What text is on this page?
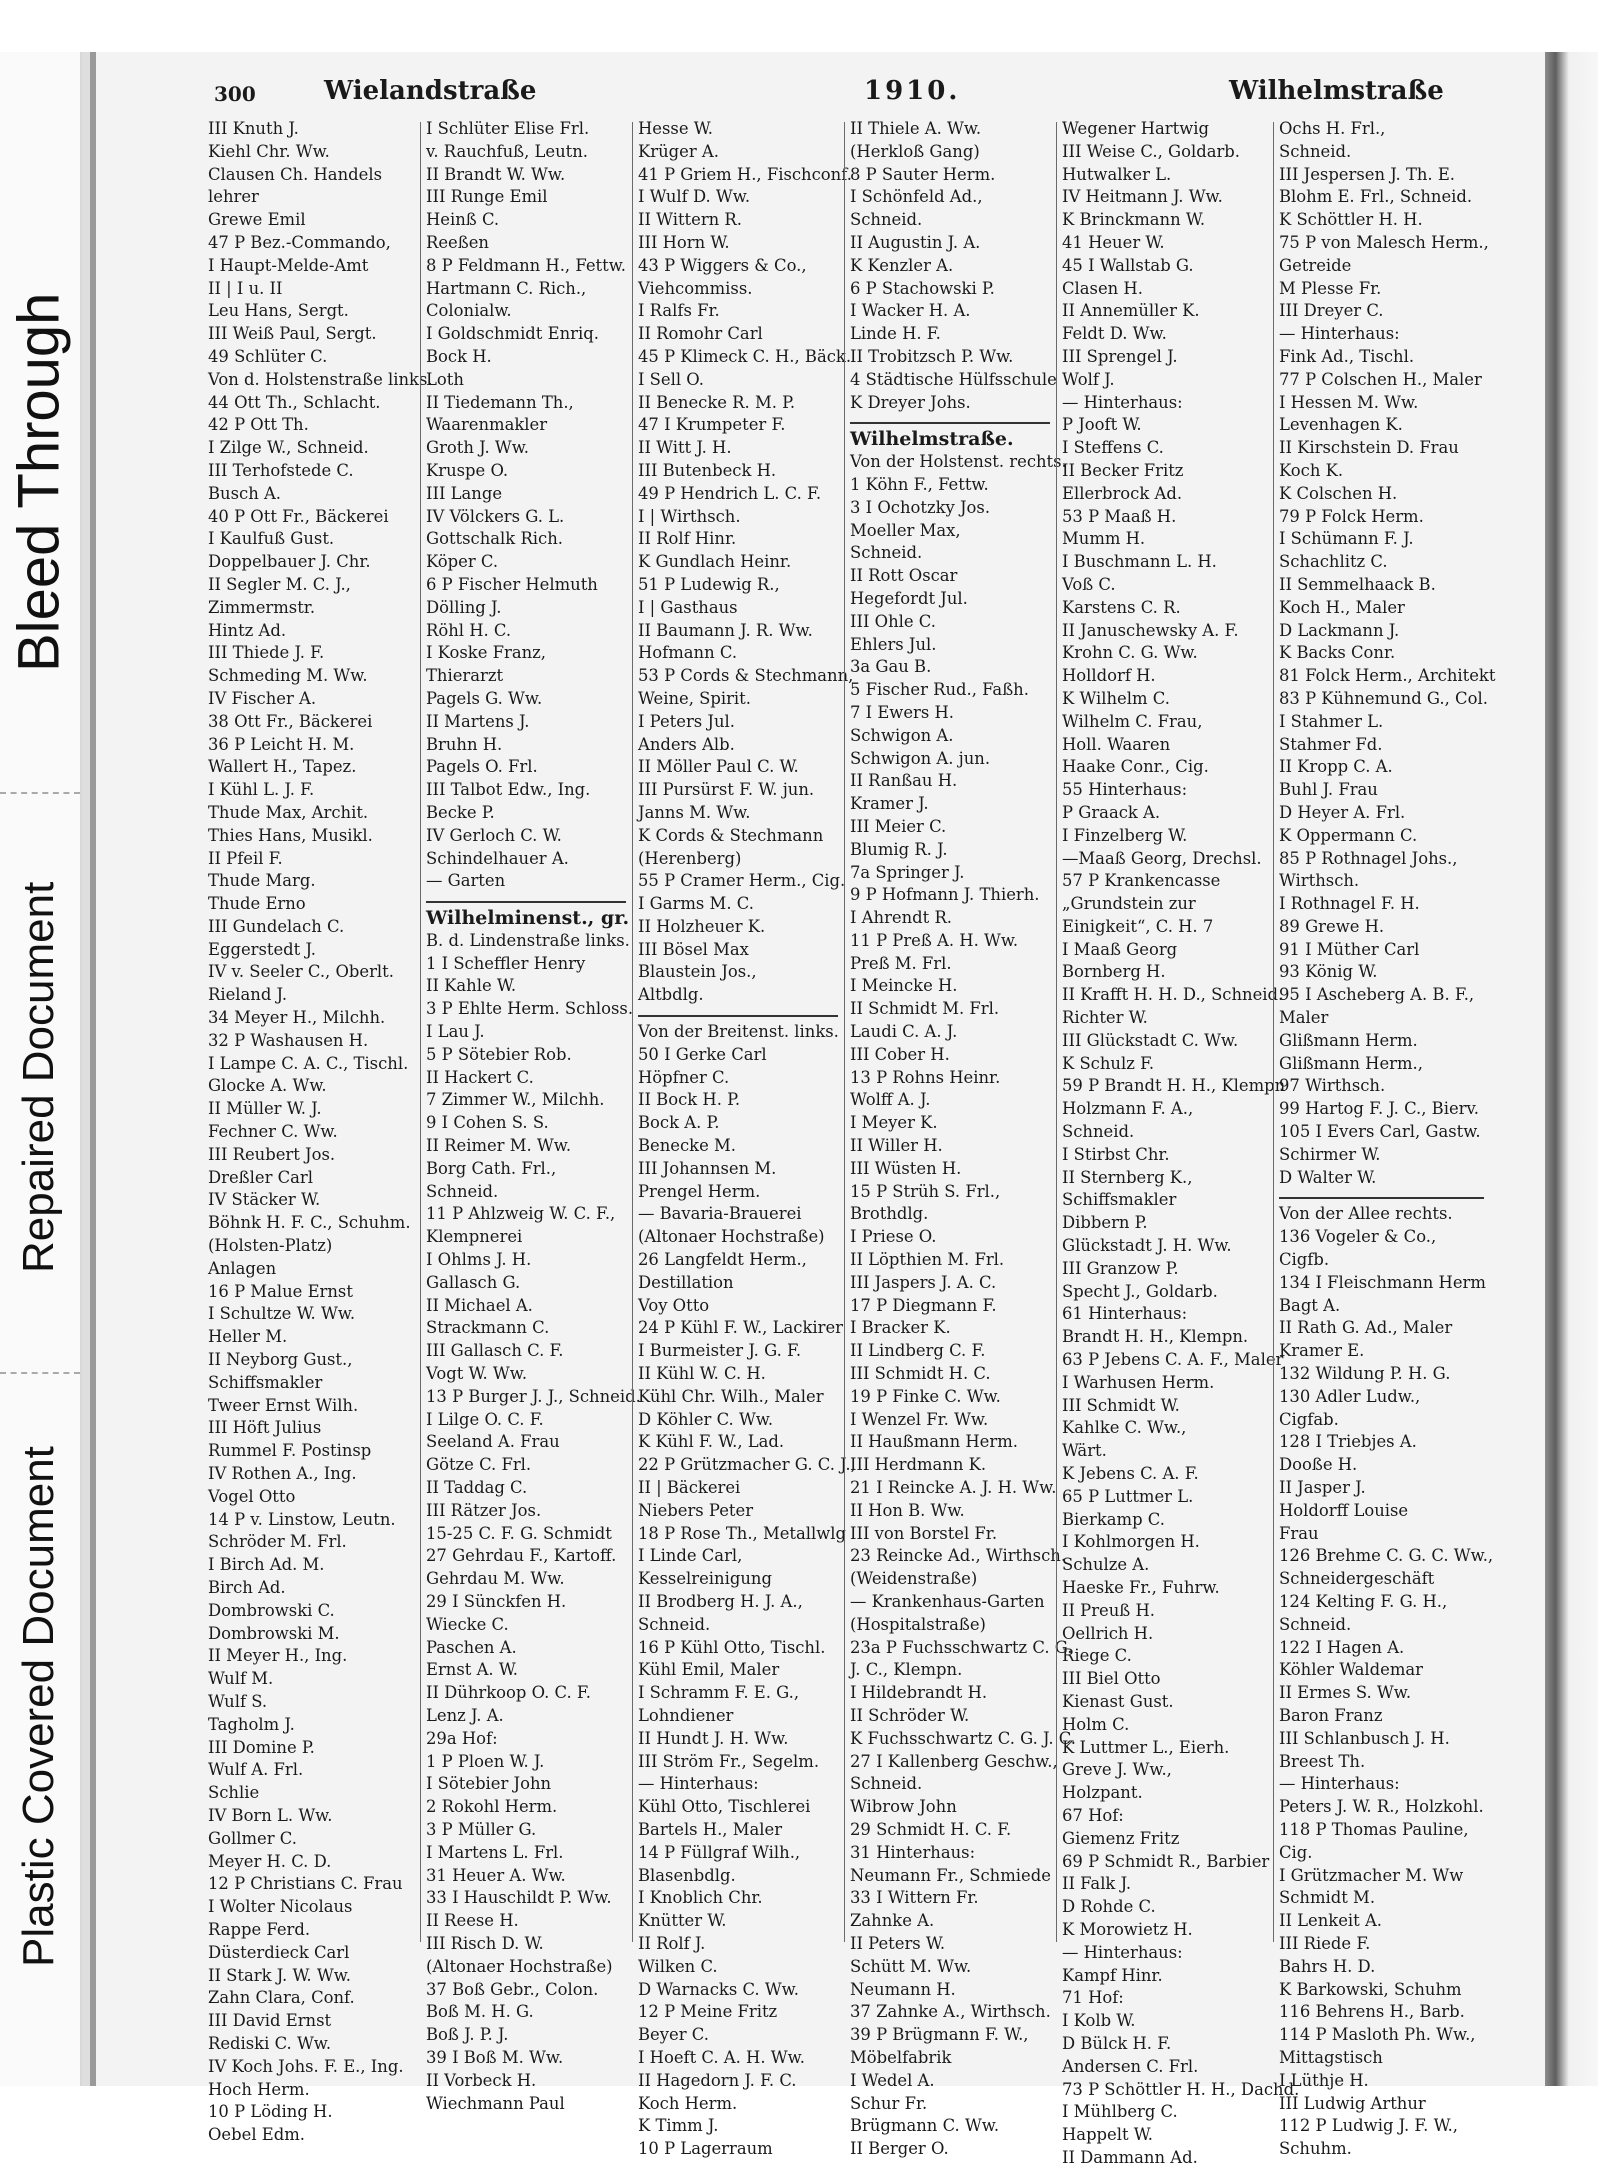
Bleed Through
Repaired Document
Plastic Covered Document
300	Wielandstraße	1910.	Wilhelmstraße
III Knuth J.
Kiehl Chr. Ww.
Clausen Ch. Handels
lehrer
Grewe Emil
47 P Bez.-Commando,
I Haupt-Melde-Amt
II | I u. II
Leu Hans, Sergt.
III Weiß Paul, Sergt.
49 Schlüter C.
Von d. Holstenstraße links.
44 Ott Th., Schlacht.
42 P Ott Th.
I Zilge W., Schneid.
III Terhofstede C.
Busch A.
40 P Ott Fr., Bäckerei
I Kaulfuß Gust.
Doppelbauer J. Chr.
II Segler M. C. J.,
Zimmermstr.
Hintz Ad.
III Thiede J. F.
Schmeding M. Ww.
IV Fischer A.
38 Ott Fr., Bäckerei
36 P Leicht H. M.
Wallert H., Tapez.
I Kühl L. J. F.
Thude Max, Archit.
Thies Hans, Musikl.
II Pfeil F.
Thude Marg.
Thude Erno
III Gundelach C.
Eggerstedt J.
IV v. Seeler C., Oberlt.
Rieland J.
34 Meyer H., Milchh.
32 P Washausen H.
I Lampe C. A. C., Tischl.
Glocke A. Ww.
II Müller W. J.
Fechner C. Ww.
III Reubert Jos.
Dreßler Carl
IV Stäcker W.
Böhnk H. F. C., Schuhm.
(Holsten-Platz)
Anlagen
16 P Malue Ernst
I Schultze W. Ww.
Heller M.
II Neyborg Gust.,
Schiffsmakler
Tweer Ernst Wilh.
III Höft Julius
Rummel F. Postinsp
IV Rothen A., Ing.
Vogel Otto
14 P v. Linstow, Leutn.
Schröder M. Frl.
I Birch Ad. M.
Birch Ad.
Dombrowski C.
Dombrowski M.
II Meyer H., Ing.
Wulf M.
Wulf S.
Tagholm J.
III Domine P.
Wulf A. Frl.
Schlie
IV Born L. Ww.
Gollmer C.
Meyer H. C. D.
12 P Christians C. Frau
I Wolter Nicolaus
Rappe Ferd.
Düsterdieck Carl
II Stark J. W. Ww.
Zahn Clara, Conf.
III David Ernst
Rediski C. Ww.
IV Koch Johs. F. E., Ing.
Hoch Herm.
10 P Löding H.
Oebel Edm.
I Schlüter Elise Frl.
v. Rauchfuß, Leutn.
II Brandt W. Ww.
III Runge Emil
Heinß C.
Reeßen
8 P Feldmann H., Fettw.
Hartmann C. Rich.,
Colonialw.
I Goldschmidt Enriq.
Bock H.
Loth
II Tiedemann Th.,
Waarenmakler
Groth J. Ww.
Kruspe O.
III Lange
IV Völckers G. L.
Gottschalk Rich.
Köper C.
6 P Fischer Helmuth
Dölling J.
Röhl H. C.
I Koske Franz,
Thierarzt
Pagels G. Ww.
II Martens J.
Bruhn H.
Pagels O. Frl.
III Talbot Edw., Ing.
Becke P.
IV Gerloch C. W.
Schindelhauer A.
— Garten
Wilhelminenst., gr.
B. d. Lindenstraße links.
1 I Scheffler Henry
II Kahle W.
3 P Ehlte Herm. Schloss.
I Lau J.
5 P Sötebier Rob.
II Hackert C.
7 Zimmer W., Milchh.
9 I Cohen S. S.
II Reimer M. Ww.
Borg Cath. Frl.,
Schneid.
11 P Ahlzweig W. C. F.,
Klempnerei
I Ohlms J. H.
Gallasch G.
II Michael A.
Strackmann C.
III Gallasch C. F.
Vogt W. Ww.
13 P Burger J. J., Schneid.
I Lilge O. C. F.
Seeland A. Frau
Götze C. Frl.
II Taddag C.
III Rätzer Jos.
15-25 C. F. G. Schmidt
27 Gehrdau F., Kartoff.
Gehrdau M. Ww.
29 I Sünckfen H.
Wiecke C.
Paschen A.
Ernst A. W.
II Dührkoop O. C. F.
Lenz J. A.
29a Hof:
1 P Ploen W. J.
I Sötebier John
2 Rokohl Herm.
3 P Müller G.
I Martens L. Frl.
31 Heuer A. Ww.
33 I Hauschildt P. Ww.
II Reese H.
III Risch D. W.
(Altonaer Hochstraße)
37 Boß Gebr., Colon.
Boß M. H. G.
Boß J. P. J.
39 I Boß M. Ww.
II Vorbeck H.
Wiechmann Paul
Hesse W.
Krüger A.
41 P Griem H., Fischconf.
I Wulf D. Ww.
II Wittern R.
III Horn W.
43 P Wiggers & Co.,
Viehcommiss.
I Ralfs Fr.
II Romohr Carl
45 P Klimeck C. H., Bäck.
I Sell O.
II Benecke R. M. P.
47 I Krumpeter F.
II Witt J. H.
III Butenbeck H.
49 P Hendrich L. C. F.
I | Wirthsch.
II Rolf Hinr.
K Gundlach Heinr.
51 P Ludewig R.,
I | Gasthaus
II Baumann J. R. Ww.
Hofmann C.
53 P Cords & Stechmann,
Weine, Spirit.
I Peters Jul.
Anders Alb.
II Möller Paul C. W.
III Pursürst F. W. jun.
Janns M. Ww.
K Cords & Stechmann
(Herenberg)
55 P Cramer Herm., Cig.
I Garms M. C.
II Holzheuer K.
III Bösel Max
Blaustein Jos.,
Altbdlg.
Von der Breitenst. links.
50 I Gerke Carl
Höpfner C.
II Bock H. P.
Bock A. P.
Benecke M.
III Johannsen M.
Prengel Herm.
— Bavaria-Brauerei
(Altonaer Hochstraße)
26 Langfeldt Herm.,
Destillation
Voy Otto
24 P Kühl F. W., Lackirer
I Burmeister J. G. F.
II Kühl W. C. H.
Kühl Chr. Wilh., Maler
D Köhler C. Ww.
K Kühl F. W., Lad.
22 P Grützmacher G. C. J.,
II | Bäckerei
Niebers Peter
18 P Rose Th., Metallwlg
I Linde Carl,
Kesselreinigung
II Brodberg H. J. A.,
Schneid.
16 P Kühl Otto, Tischl.
Kühl Emil, Maler
I Schramm F. E. G.,
Lohndiener
II Hundt J. H. Ww.
III Ström Fr., Segelm.
— Hinterhaus:
Kühl Otto, Tischlerei
Bartels H., Maler
14 P Füllgraf Wilh.,
Blasenbdlg.
I Knoblich Chr.
Knütter W.
II Rolf J.
Wilken C.
D Warnacks C. Ww.
12 P Meine Fritz
Beyer C.
I Hoeft C. A. H. Ww.
II Hagedorn J. F. C.
Koch Herm.
K Timm J.
10 P Lagerraum
II Thiele A. Ww.
(Herkloß Gang)
8 P Sauter Herm.
I Schönfeld Ad.,
Schneid.
II Augustin J. A.
K Kenzler A.
6 P Stachowski P.
I Wacker H. A.
Linde H. F.
II Trobitzsch P. Ww.
4 Städtische Hülfsschule
K Dreyer Johs.
Wilhelmstraße.
Von der Holstenst. rechts.
1 Köhn F., Fettw.
3 I Ochotzky Jos.
Moeller Max,
Schneid.
II Rott Oscar
Hegefordt Jul.
III Ohle C.
Ehlers Jul.
3a Gau B.
5 Fischer Rud., Faßh.
7 I Ewers H.
Schwigon A.
Schwigon A. jun.
II Ranßau H.
Kramer J.
III Meier C.
Blumig R. J.
7a Springer J.
9 P Hofmann J. Thierh.
I Ahrendt R.
11 P Preß A. H. Ww.
Preß M. Frl.
I Meincke H.
II Schmidt M. Frl.
Laudi C. A. J.
III Cober H.
13 P Rohns Heinr.
Wolff A. J.
I Meyer K.
II Willer H.
III Wüsten H.
15 P Strüh S. Frl.,
Brothdlg.
I Priese O.
II Löpthien M. Frl.
III Jaspers J. A. C.
17 P Diegmann F.
I Bracker K.
II Lindberg C. F.
III Schmidt H. C.
19 P Finke C. Ww.
I Wenzel Fr. Ww.
II Haußmann Herm.
III Herdmann K.
21 I Reincke A. J. H. Ww.
II Hon B. Ww.
III von Borstel Fr.
23 Reincke Ad., Wirthsch.
(Weidenstraße)
— Krankenhaus-Garten
(Hospitalstraße)
23a P Fuchsschwartz C. G.
J. C., Klempn.
I Hildebrandt H.
II Schröder W.
K Fuchsschwartz C. G. J. C.
27 I Kallenberg Geschw.,
Schneid.
Wibrow John
29 Schmidt H. C. F.
31 Hinterhaus:
Neumann Fr., Schmiede
33 I Wittern Fr.
Zahnke A.
II Peters W.
Schütt M. Ww.
Neumann H.
37 Zahnke A., Wirthsch.
39 P Brügmann F. W.,
Möbelfabrik
I Wedel A.
Schur Fr.
Brügmann C. Ww.
II Berger O.
Wegener Hartwig
III Weise C., Goldarb.
Hutwalker L.
IV Heitmann J. Ww.
K Brinckmann W.
41 Heuer W.
45 I Wallstab G.
Clasen H.
II Annemüller K.
Feldt D. Ww.
III Sprengel J.
Wolf J.
— Hinterhaus:
P Jooft W.
I Steffens C.
II Becker Fritz
Ellerbrock Ad.
53 P Maaß H.
Mumm H.
I Buschmann L. H.
Voß C.
Karstens C. R.
II Januschewsky A. F.
Krohn C. G. Ww.
Holldorf H.
K Wilhelm C.
Wilhelm C. Frau,
Holl. Waaren
Haake Conr., Cig.
55 Hinterhaus:
P Graack A.
I Finzelberg W.
—Maaß Georg, Drechsl.
57 P Krankencasse
„Grundstein zur
Einigkeit“, C. H. 7
I Maaß Georg
Bornberg H.
II Krafft H. H. D., Schneid.
Richter W.
III Glückstadt C. Ww.
K Schulz F.
59 P Brandt H. H., Klempn
Holzmann F. A.,
Schneid.
I Stirbst Chr.
II Sternberg K.,
Schiffsmakler
Dibbern P.
Glückstadt J. H. Ww.
III Granzow P.
Specht J., Goldarb.
61 Hinterhaus:
Brandt H. H., Klempn.
63 P Jebens C. A. F., Maler
I Warhusen Herm.
III Schmidt W.
Kahlke C. Ww.,
Wärt.
K Jebens C. A. F.
65 P Luttmer L.
Bierkamp C.
I Kohlmorgen H.
Schulze A.
Haeske Fr., Fuhrw.
II Preuß H.
Oellrich H.
Riege C.
III Biel Otto
Kienast Gust.
Holm C.
K Luttmer L., Eierh.
Greve J. Ww.,
Holzpant.
67 Hof:
Giemenz Fritz
69 P Schmidt R., Barbier
II Falk J.
D Rohde C.
K Morowietz H.
— Hinterhaus:
Kampf Hinr.
71 Hof:
I Kolb W.
D Bülck H. F.
Andersen C. Frl.
73 P Schöttler H. H., Dachd.
I Mühlberg C.
Happelt W.
II Dammann Ad.
Ochs H. Frl.,
Schneid.
III Jespersen J. Th. E.
Blohm E. Frl., Schneid.
K Schöttler H. H.
75 P von Malesch Herm.,
Getreide
M Plesse Fr.
III Dreyer C.
— Hinterhaus:
Fink Ad., Tischl.
77 P Colschen H., Maler
I Hessen M. Ww.
Levenhagen K.
II Kirschstein D. Frau
Koch K.
K Colschen H.
79 P Folck Herm.
I Schümann F. J.
Schachlitz C.
II Semmelhaack B.
Koch H., Maler
D Lackmann J.
K Backs Conr.
81 Folck Herm., Architekt
83 P Kühnemund G., Col.
I Stahmer L.
Stahmer Fd.
II Kropp C. A.
Buhl J. Frau
D Heyer A. Frl.
K Oppermann C.
85 P Rothnagel Johs.,
Wirthsch.
I Rothnagel F. H.
89 Grewe H.
91 I Müther Carl
93 König W.
95 I Ascheberg A. B. F.,
Maler
Glißmann Herm.
Glißmann Herm.,
97 Wirthsch.
99 Hartog F. J. C., Bierv.
105 I Evers Carl, Gastw.
Schirmer W.
D Walter W.
Von der Allee rechts.
136 Vogeler & Co.,
Cigfb.
134 I Fleischmann Herm
Bagt A.
II Rath G. Ad., Maler
Kramer E.
132 Wildung P. H. G.
130 Adler Ludw.,
Cigfab.
128 I Triebjes A.
Dooße H.
II Jasper J.
Holdorff Louise
Frau
126 Brehme C. G. C. Ww.,
Schneidergeschäft
124 Kelting F. G. H.,
Schneid.
122 I Hagen A.
Köhler Waldemar
II Ermes S. Ww.
Baron Franz
III Schlanbusch J. H.
Breest Th.
— Hinterhaus:
Peters J. W. R., Holzkohl.
118 P Thomas Pauline,
Cig.
I Grützmacher M. Ww
Schmidt M.
II Lenkeit A.
III Riede F.
Bahrs H. D.
K Barkowski, Schuhm
116 Behrens H., Barb.
114 P Masloth Ph. Ww.,
Mittagstisch
I Lüthje H.
III Ludwig Arthur
112 P Ludwig J. F. W.,
Schuhm.
